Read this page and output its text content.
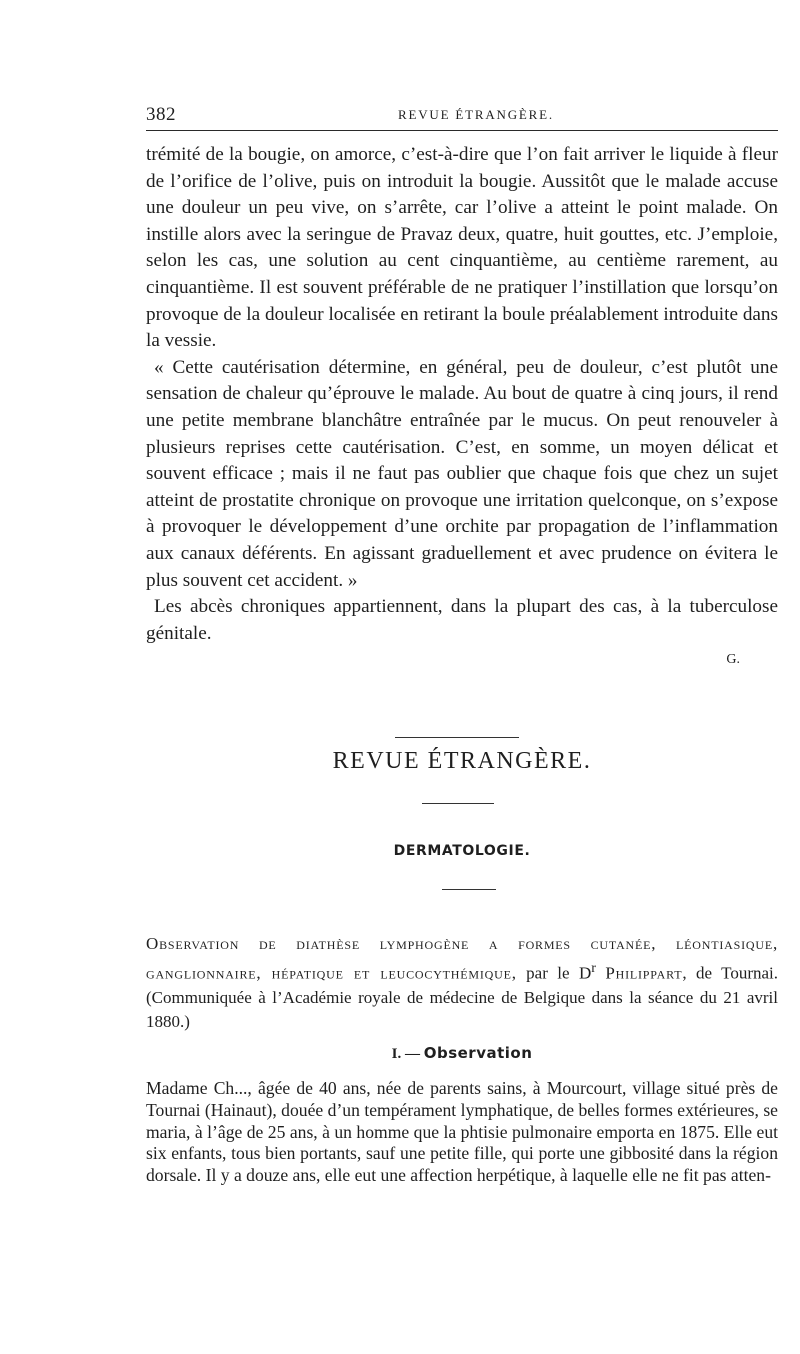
382	REVUE ÉTRANGÈRE.

trémité de la bougie, on amorce, c’est-à-dire que l’on fait arriver le liquide à fleur de l’orifice de l’olive, puis on introduit la bougie. Aussitôt que le malade accuse une douleur un peu vive, on s’arrête, car l’olive a atteint le point malade. On instille alors avec la seringue de Pravaz deux, quatre, huit gouttes, etc. J’emploie, selon les cas, une solution au cent cinquantième, au centième rarement, au cinquantième. Il est souvent préférable de ne pratiquer l’instillation que lorsqu’on provoque de la douleur localisée en retirant la boule préalablement introduite dans la vessie.

« Cette cautérisation détermine, en général, peu de douleur, c’est plutôt une sensation de chaleur qu’éprouve le malade. Au bout de quatre à cinq jours, il rend une petite membrane blanchâtre entraînée par le mucus. On peut renouveler à plusieurs reprises cette cautérisation. C’est, en somme, un moyen délicat et souvent efficace ; mais il ne faut pas oublier que chaque fois que chez un sujet atteint de prostatite chronique on provoque une irritation quelconque, on s’expose à provoquer le développement d’une orchite par propagation de l’inflammation aux canaux déférents. En agissant graduellement et avec prudence on évitera le plus souvent cet accident. »

Les abcès chroniques appartiennent, dans la plupart des cas, à la tuberculose génitale.

G.
REVUE ÉTRANGÈRE.
DERMATOLOGIE.
Observation de diathèse lymphogène a formes cutanée, léontiasique, ganglionnaire, hépatique et leucocythémique, par le $D^r$ Philippart, de Tournai. (Communiquée à l’Académie royale de médecine de Belgique dans la séance du 21 avril 1880.)
I. — Observation

Madame Ch..., âgée de 40 ans, née de parents sains, à Mourcourt, village situé près de Tournai (Hainaut), douée d’un tempérament lymphatique, de belles formes extérieures, se maria, à l’âge de 25 ans, à un homme que la phtisie pulmonaire emporta en 1875. Elle eut six enfants, tous bien portants, sauf une petite fille, qui porte une gibbosité dans la région dorsale. Il y a douze ans, elle eut une affection herpétique, à laquelle elle ne fit pas atten-
